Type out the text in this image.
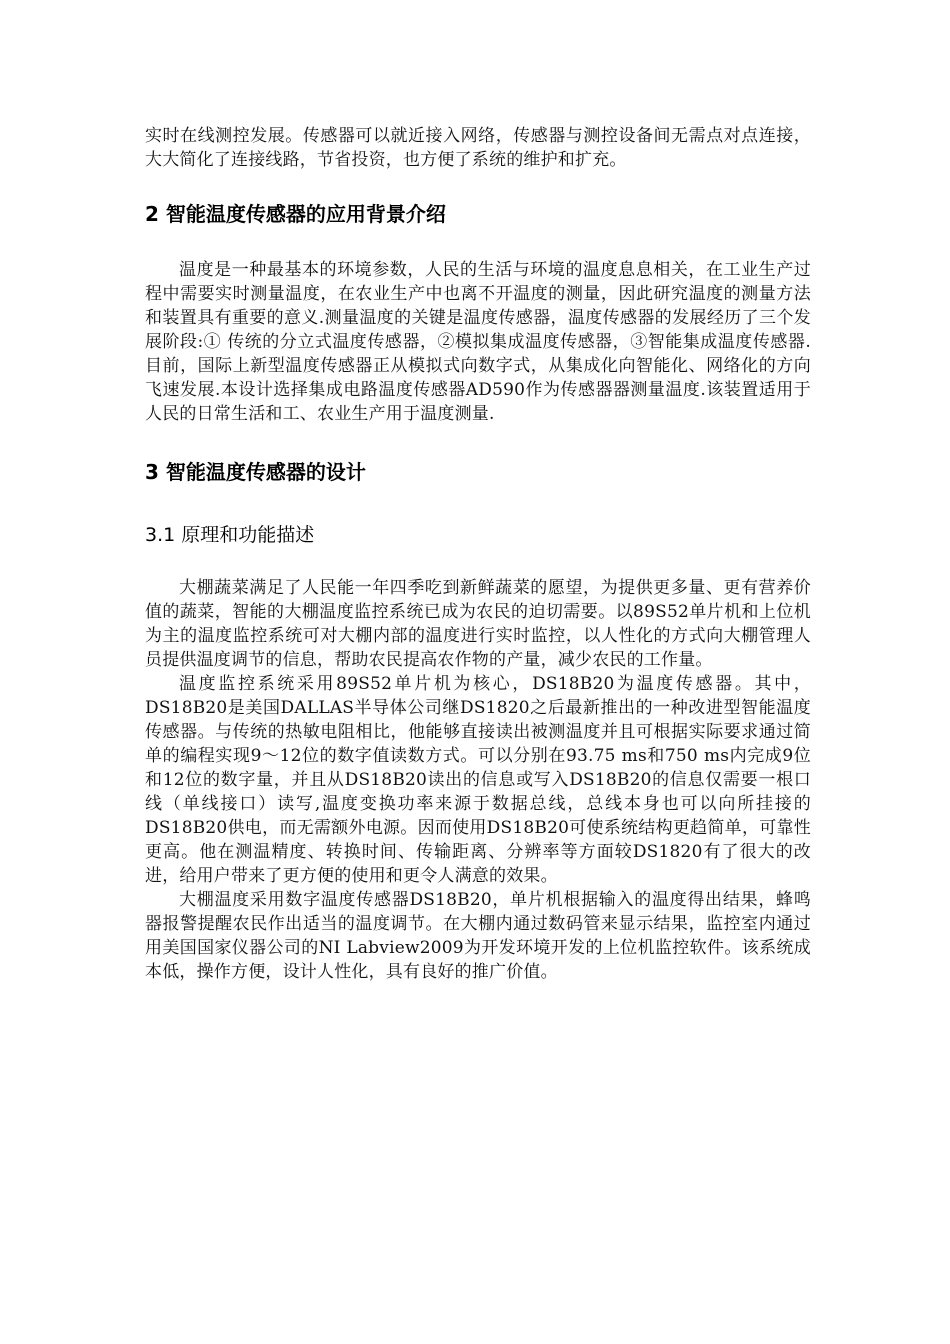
实时在线测控发展。传感器可以就近接入网络，传感器与测控设备间无需点对点连接，大大简化了连接线路，节省投资，也方便了系统的维护和扩充。

2 智能温度传感器的应用背景介绍

温度是一种最基本的环境参数，人民的生活与环境的温度息息相关，在工业生产过程中需要实时测量温度，在农业生产中也离不开温度的测量，因此研究温度的测量方法和装置具有重要的意义.测量温度的关键是温度传感器，温度传感器的发展经历了三个发展阶段:① 传统的分立式温度传感器，②模拟集成温度传感器，③智能集成温度传感器.目前，国际上新型温度传感器正从模拟式向数字式，从集成化向智能化、网络化的方向飞速发展.本设计选择集成电路温度传感器AD590作为传感器器测量温度.该装置适用于人民的日常生活和工、农业生产用于温度测量.

3 智能温度传感器的设计
3.1 原理和功能描述

大棚蔬菜满足了人民能一年四季吃到新鲜蔬菜的愿望，为提供更多量、更有营养价值的蔬菜，智能的大棚温度监控系统已成为农民的迫切需要。以89S52单片机和上位机为主的温度监控系统可对大棚内部的温度进行实时监控，以人性化的方式向大棚管理人员提供温度调节的信息，帮助农民提高农作物的产量，减少农民的工作量。

温度监控系统采用89S52单片机为核心，DS18B20为温度传感器。其中，DS18B20是美国DALLAS半导体公司继DS1820之后最新推出的一种改进型智能温度传感器。与传统的热敏电阻相比，他能够直接读出被测温度并且可根据实际要求通过简单的编程实现9～12位的数字值读数方式。可以分别在93.75 ms和750 ms内完成9位和12位的数字量，并且从DS18B20读出的信息或写入DS18B20的信息仅需要一根口线（单线接口）读写,温度变换功率来源于数据总线，总线本身也可以向所挂接的DS18B20供电，而无需额外电源。因而使用DS18B20可使系统结构更趋简单，可靠性更高。他在测温精度、转换时间、传输距离、分辨率等方面较DS1820有了很大的改进，给用户带来了更方便的使用和更令人满意的效果。

大棚温度采用数字温度传感器DS18B20，单片机根据输入的温度得出结果，蜂鸣器报警提醒农民作出适当的温度调节。在大棚内通过数码管来显示结果，监控室内通过用美国国家仪器公司的NI Labview2009为开发环境开发的上位机监控软件。该系统成本低，操作方便，设计人性化，具有良好的推广价值。
